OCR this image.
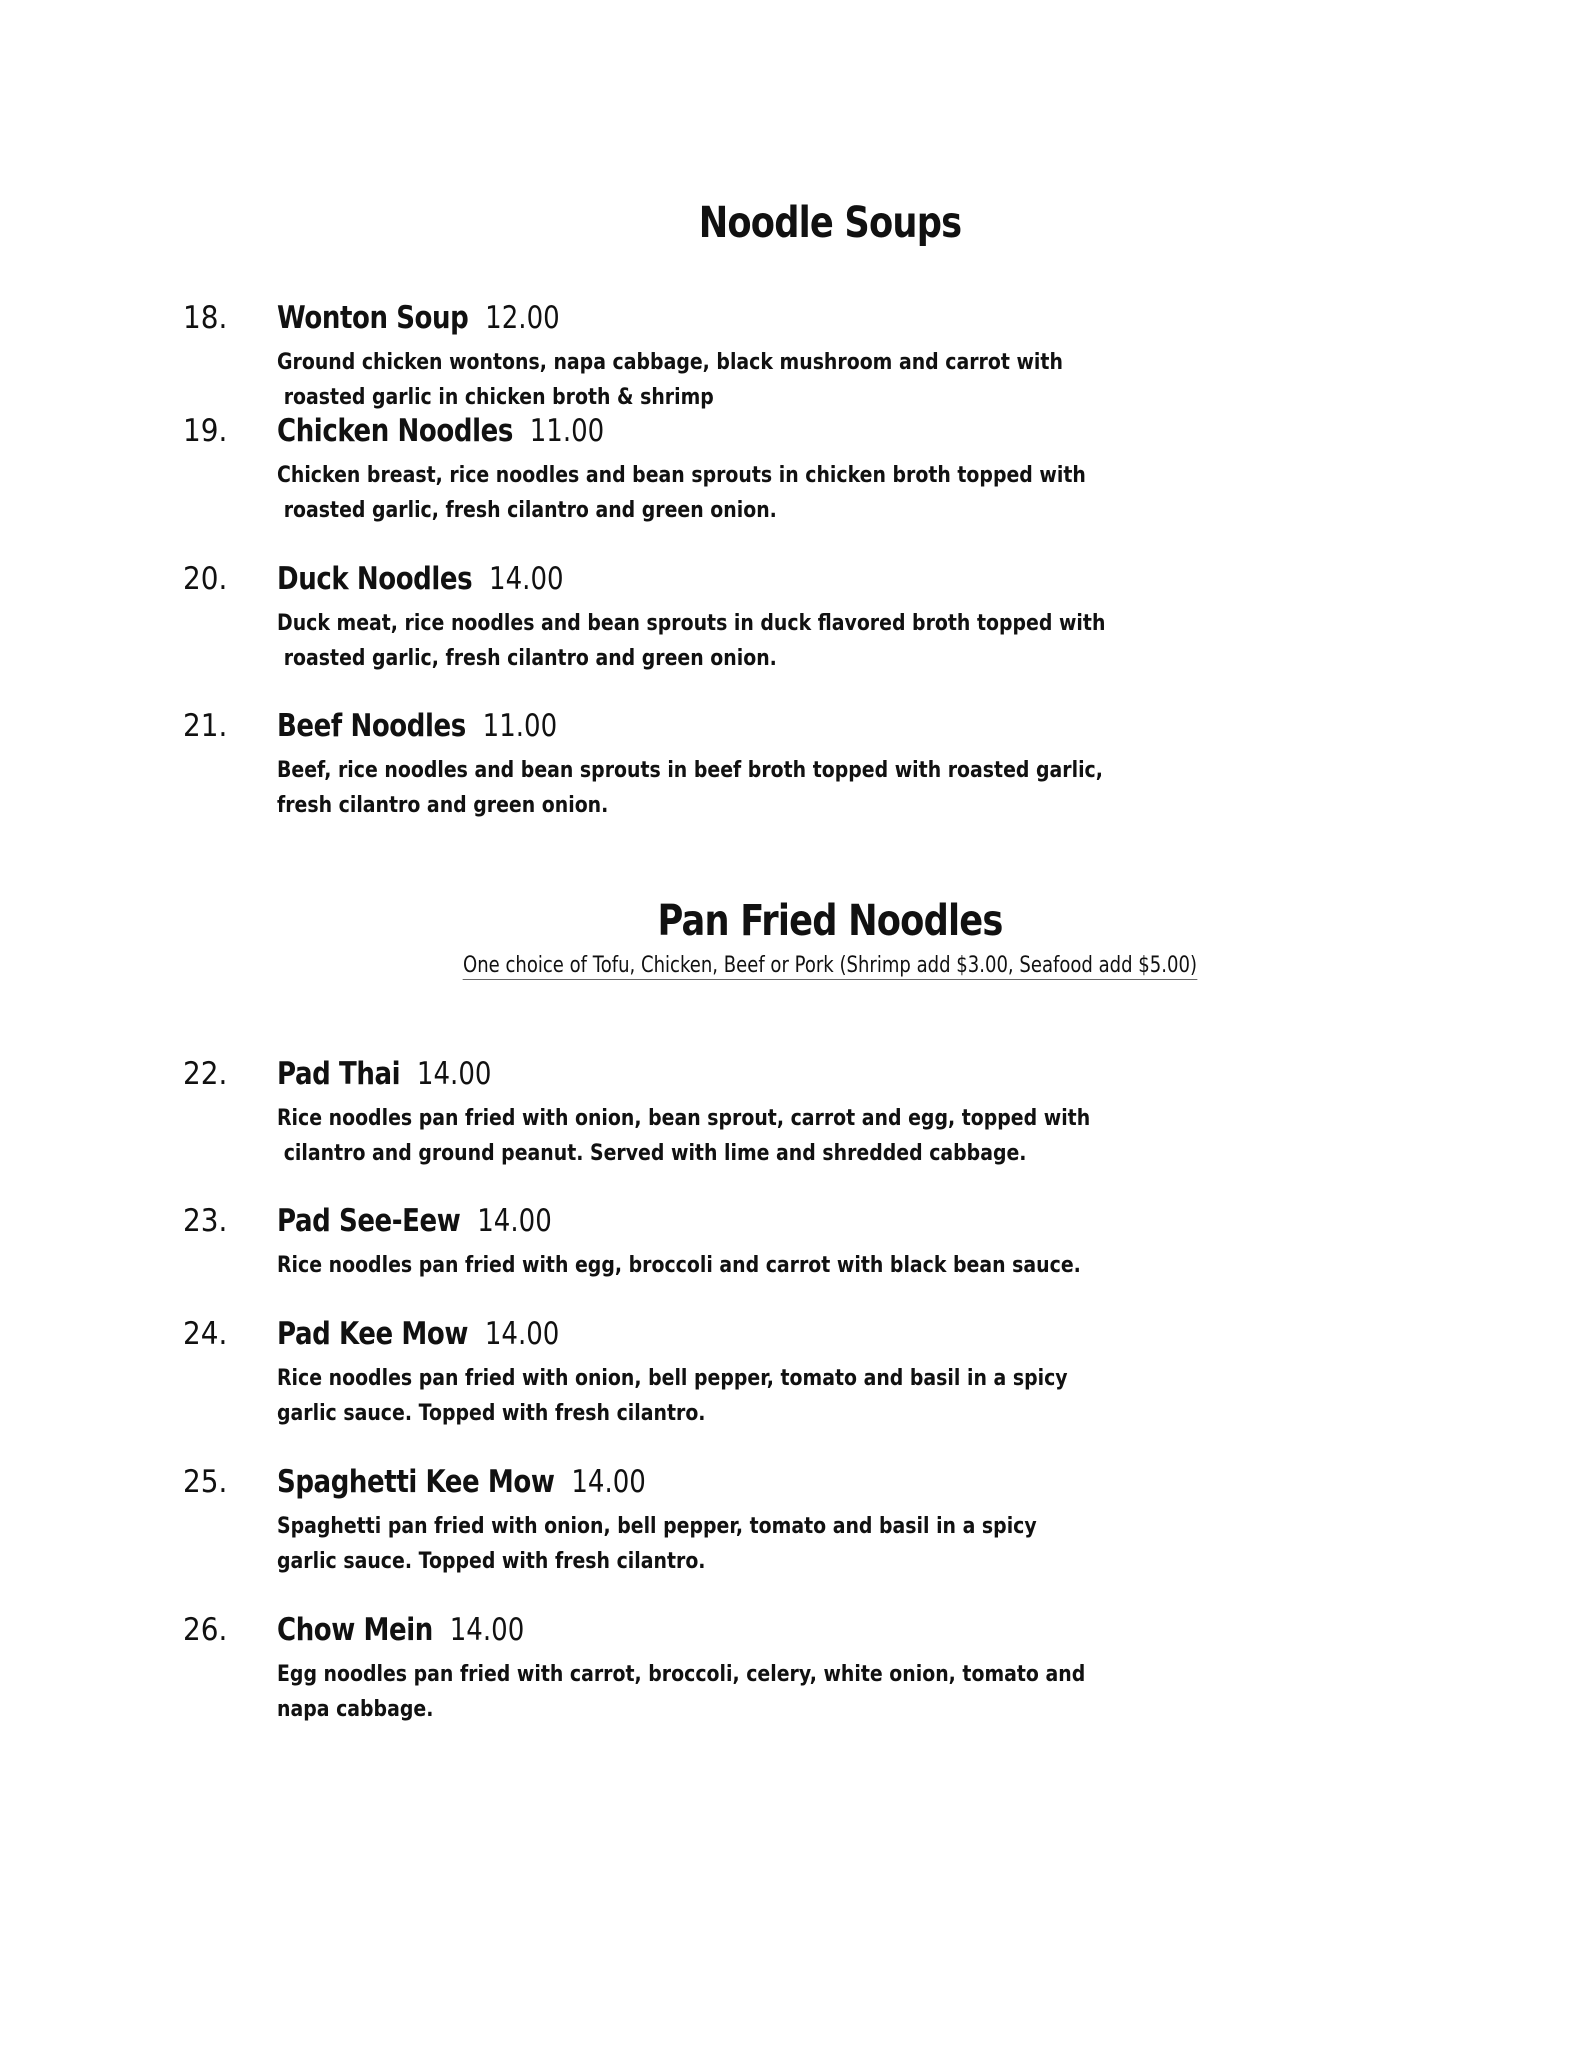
Noodle Soups
18. Wonton Soup 12.00
Ground chicken wontons, napa cabbage, black mushroom and carrot with
roasted garlic in chicken broth & shrimp
19. Chicken Noodles 11.00
Chicken breast, rice noodles and bean sprouts in chicken broth topped with
roasted garlic, fresh cilantro and green onion.
20. Duck Noodles 14.00
Duck meat, rice noodles and bean sprouts in duck flavored broth topped with
roasted garlic, fresh cilantro and green onion.
21. Beef Noodles 11.00
Beef, rice noodles and bean sprouts in beef broth topped with roasted garlic,
fresh cilantro and green onion.
Pan Fried Noodles
One choice of Tofu, Chicken, Beef or Pork (Shrimp add $3.00, Seafood add $5.00)
22. Pad Thai 14.00
Rice noodles pan fried with onion, bean sprout, carrot and egg, topped with
cilantro and ground peanut. Served with lime and shredded cabbage.
23. Pad See-Eew 14.00
Rice noodles pan fried with egg, broccoli and carrot with black bean sauce.
24. Pad Kee Mow 14.00
Rice noodles pan fried with onion, bell pepper, tomato and basil in a spicy
garlic sauce. Topped with fresh cilantro.
25. Spaghetti Kee Mow 14.00
Spaghetti pan fried with onion, bell pepper, tomato and basil in a spicy
garlic sauce. Topped with fresh cilantro.
26. Chow Mein 14.00
Egg noodles pan fried with carrot, broccoli, celery, white onion, tomato and
napa cabbage.
